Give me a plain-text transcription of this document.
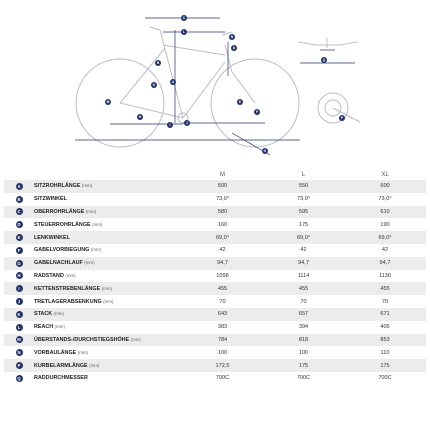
A
B
C
D
E
F
G
H
I	J
K
L
M
N
P
Q
		M	L	XL
A	SITZROHRLÄNGE (mm)	500	550	600
B	SITZWINKEL	73,0°	73,0°	73,0°
C	OBERROHRLÄNGE (mm)	580	595	610
D	STEUERROHRLÄNGE (mm)	160	175	190
E	LENKWINKEL	69,0°	69,0°	69,0°
F	GABELVORBIEGUNG (mm)	42	42	42
G	GABELNACHLAUF (mm)	94,7	94,7	94,7
H	RADSTAND (mm)	1098	1114	1130
I	KETTENSTREBENLÄNGE (mm)	455	455	455
J	TRETLAGERABSENKUNG (mm)	70	70	70
K	STACK (mm)	643	657	671
L	REACH (mm)	383	394	405
M	ÜBERSTANDS-/DURCHSTIEGSHÖHE (mm)	784	818	853
N	VORBAULÄNGE (mm)	100	100	110
P	KURBELARMLÄNGE (mm)	172,5	175	175
Q	RADDURCHMESSER	700C	700C	700C
